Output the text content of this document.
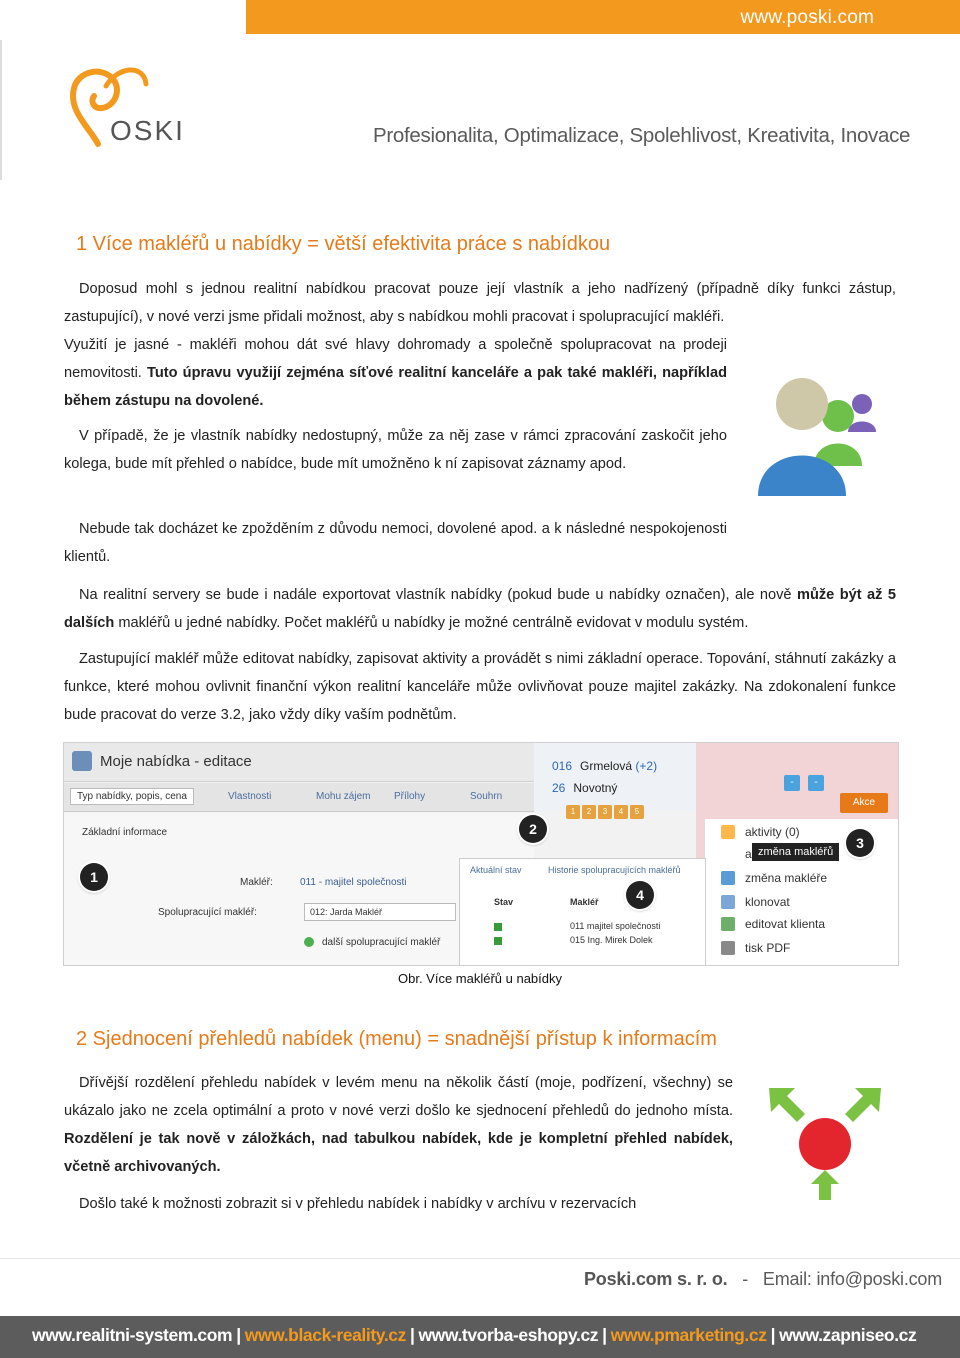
www.poski.com
OSKI	Profesionalita, Optimalizace, Spolehlivost, Kreativita, Inovace
1 Více makléřů u nabídky = větší efektivita práce s nabídkou
Doposud mohl s jednou realitní nabídkou pracovat pouze její vlastník a jeho nadřízený (případně díky funkci zástup, zastupující), v nové verzi jsme přidali možnost, aby s nabídkou mohli pracovat i spolupracující makléři.
Využití je jasné - makléři mohou dát své hlavy dohromady a společně spolupracovat na prodeji nemovitosti. Tuto úpravu využijí zejména síťové realitní kanceláře a pak také makléři, například během zástupu na dovolené.
V případě, že je vlastník nabídky nedostupný, může za něj zase v rámci zpracování zaskočit jeho kolega, bude mít přehled o nabídce, bude mít umožněno k ní zapisovat záznamy apod.
Nebude tak docházet ke zpožděním z důvodu nemoci, dovolené apod. a k následné nespokojenosti klientů.
Na realitní servery se bude i nadále exportovat vlastník nabídky (pokud bude u nabídky označen), ale nově může být až 5 dalších makléřů u jedné nabídky. Počet makléřů u nabídky je možné centrálně evidovat v modulu systém.
Zastupující makléř může editovat nabídky, zapisovat aktivity a provádět s nimi základní operace. Topování, stáhnutí zakázky a funkce, které mohou ovlivnit finanční výkon realitní kanceláře může ovlivňovat pouze majitel zakázky. Na zdokonalení funkce bude pracovat do verze 3.2, jako vždy díky vaším podnětům.
Moje nabídka - editace
Typ nabídky, popis, cena	Vlastnosti	Mohu zájem Přílohy	Souhrn
Základní informace
Makléř:	011 - majitel společnosti
Spolupracující makléř:	012: Jarda Makléř
další spolupracující makléř
1
016 Grmelová (+2)
26 Novotný
1	2	3	4	5
2
-	-
Akce
aktivity (0)
a
změna makléře
klonovat
editovat klienta
tisk PDF
změna makléřů
3
Aktuální stav	Historie spolupracujících makléřů
Stav	Makléř
011 majitel společnosti
015 Ing. Mirek Dolek
4
Obr. Více makléřů u nabídky
2 Sjednocení přehledů nabídek (menu) = snadnější přístup k informacím
Dřívější rozdělení přehledu nabídek v levém menu na několik částí (moje, podřízení, všechny) se ukázalo jako ne zcela optimální a proto v nové verzi došlo ke sjednocení přehledů do jednoho místa. Rozdělení je tak nově v záložkách, nad tabulkou nabídek, kde je kompletní přehled nabídek, včetně archivovaných.
Došlo také k možnosti zobrazit si v přehledu nabídek i nabídky v archívu v rezervacích
Poski.com s. r. o. - Email: info@poski.com
www.realitni-system.com | www.black-reality.cz | www.tvorba-eshopy.cz | www.pmarketing.cz | www.zapniseo.cz
